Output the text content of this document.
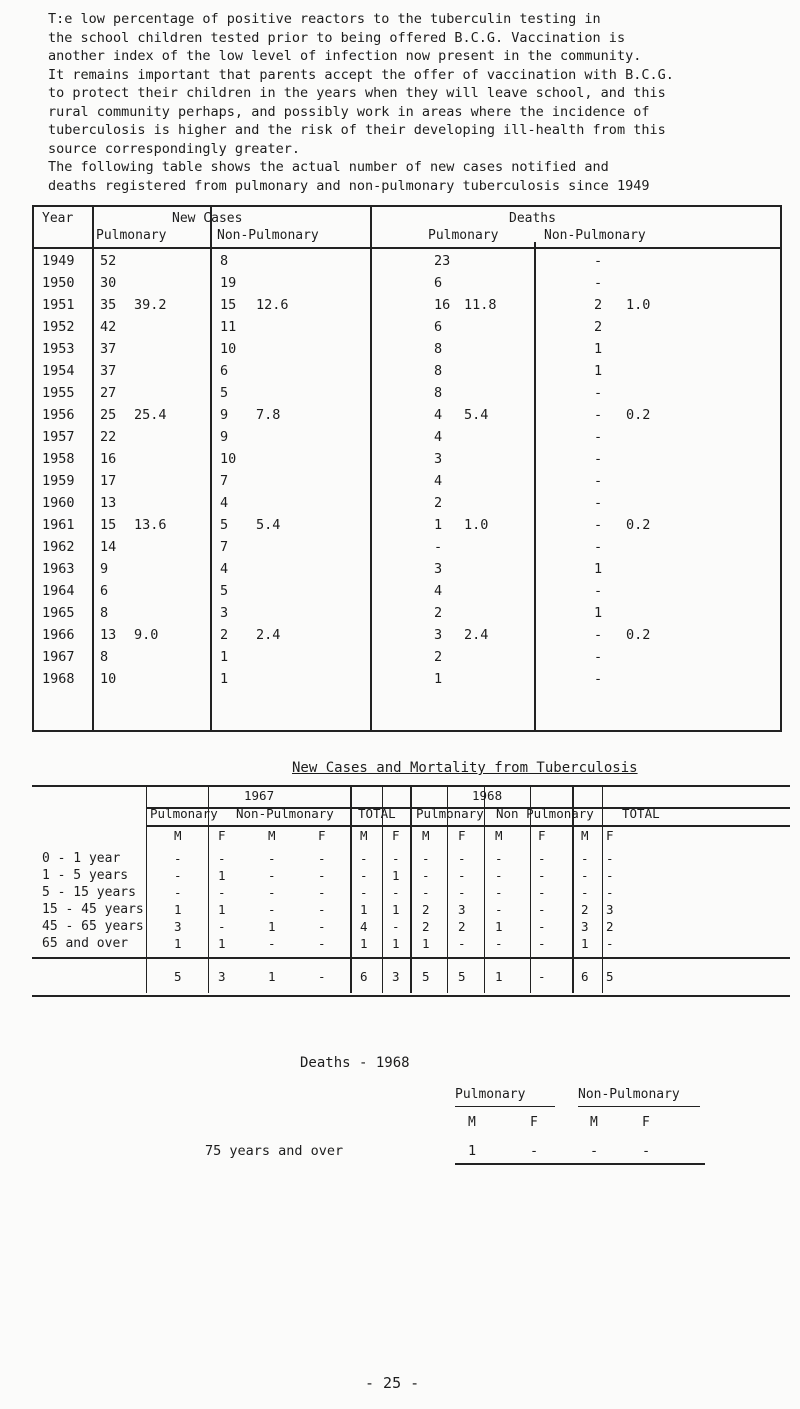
T:e low percentage of positive reactors to the tuberculin testing in
the school children tested prior to being offered B.C.G. Vaccination is
another index of the low level of infection now present in the community.
It remains important that parents accept the offer of vaccination with B.C.G.
to protect their children in the years when they will leave school, and this
rural community perhaps, and possibly work in areas where the incidence of
tuberculosis is higher and the risk of their developing ill-health from this
source correspondingly greater.
The following table shows the actual number of new cases notified and
deaths registered from pulmonary and non-pulmonary tuberculosis since 1949
Year	New Cases
Pulmonary	Non-Pulmonary
Deaths
Pulmonary	Non-Pulmonary
1949 52	8	23	-
1950 30	19	6	-
1951 35 39.2	15 12.6	16 11.8	2 1.0
1952 42	11	6	2
1953 37	10	8	1
1954 37	6	8	1
1955 27	5	8	-
1956 25 25.4	9 7.8	4 5.4	- 0.2
1957 22	9	4	-
1958 16	10	3	-
1959 17	7	4	-
1960 13	4	2	-
1961 15 13.6	5 5.4	1 1.0	- 0.2
1962 14	7	-	-
1963 9	4	3	1
1964 6	5	4	-
1965 8	3	2	1
1966 13 9.0	2 2.4	3 2.4	- 0.2
1967 8	1	2	-
1968 10	1	1	-
New Cases and Mortality from Tuberculosis
1967	1968
Pulmonary Non-Pulmonary TOTAL Pulmonary Non Pulmonary TOTAL
M	F	M	F	M F M F M	F	M F
0 - 1 year	-	-	-	-	- - - - -	-	- -
1 - 5 years	-	1	-	-	- 1 - - -	-	- -
5 - 15 years	-	-	-	-	- - - - -	-	- -
15 - 45 years 1	1	-	-	1 1 2 3 -	-	2 3
45 - 65 years 3	-	1	-	4 - 2 2 1	-	3 2
65 and over	1	1	-	-	1 1 1 - -	-	1 -
5	3	1	-	6 3 5 5 1	-	6 5
Deaths - 1968
Pulmonary	Non-Pulmonary
M	F	M	F
75 years and over	1	-	-	-
- 25 -
